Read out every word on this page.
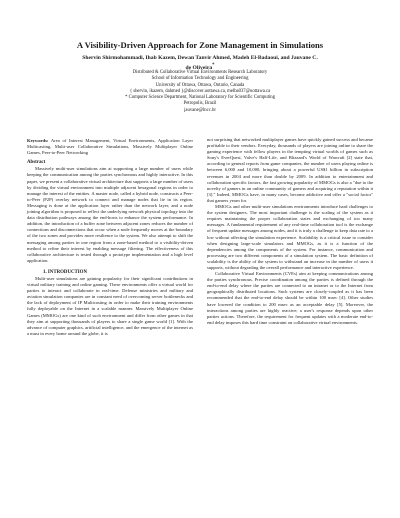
A Visibility-Driven Approach for Zone Management in Simulations
Shervin Shirmohammadi, Ihab Kazem, Dewan Tanvir Ahmed, Madeh El-Badaoui, and Jauvane C.
de Oliveira*
Distributed & Collaborative Virtual Environments Research Laboratory
School of Information Technology and Engineering
University of Ottawa, Ottawa, Ontario, Canada
{ shervin, ikazem, dahmed }@discover.uottawa.ca, melba037@uottawa.ca
* Computer Science Department, National Laboratory for Scientific Computing
Petropolis, Brazil
jauvane@lncc.br

Keywords: Area of Interest Management, Virtual Environments, Application Layer Multicasting, Multi-user Collaborative Simulations, Massively Multiplayer Online Games, Peer-to-Peer Networking

Abstract

Massively multi-user simulations aim at supporting a large number of users while keeping the communication among the parties synchronous and highly interactive. In this paper, we present a collaborative virtual architecture that supports a large number of users by dividing the virtual environment into multiple adjacent hexagonal regions in order to manage the interest of the entities. A master node, called a hybrid node, constructs a Peer-to-Peer (P2P) overlay network to connect and manage nodes that lie in its region. Messaging is done at the application layer rather than the network layer, and a node joining algorithm is proposed to reflect the underlying network physical topology into the data distribution pathways among the end-hosts to enhance the system performance. In addition, the introduction of a buffer zone between adjacent zones reduces the number of connections and disconnections that occur when a node frequently moves at the boundary of the two zones and provides more resilience to the system. We also attempt to shift the messaging among parties in one region from a zone-based method to a visibility-driven method to refine their interest by enabling message filtering. The effectiveness of this collaborative architecture is tested through a prototype implementation and a high level application.

1. INTRODUCTION

Multi-user simulations are gaining popularity for their significant contributions in virtual military training and online gaming. These environments offer a virtual world for parties to interact and collaborate in real-time. Defense ministries and military and aviation simulation companies are in constant need of overcoming server bottlenecks and the lack of deployment of IP Multicasting in order to make their training environments fully deployable on the Internet in a scalable manner. Massively Multiplayer Online Games (MMOGs) are one kind of such environment and differ from other games in that they aim at supporting thousands of players to share a single game world [1]. With the advance of computer graphics, artificial intelligence, and the emergence of the internet as a must in every home around the globe, it is

not surprising that networked multiplayer games have quickly gained success and became profitable to their vendors. Everyday, thousands of players are joining online to share the gaming experience with fellow players in the tempting virtual worlds of games such as Sony's EverQuest, Valve's Half-Life, and Blizzard's World of Warcraft [2] state that, according to general reports from game companies, the number of users playing online is between 6,000 and 10,000, bringing about a powerful US$1 billion in subscription revenues in 2004 and more than double by 2009. In addition to entertainment and collaboration specific factors, the fast growing popularity of MMOGs is also a "due to the novelty of gamers in an online community of gamers and acquiring a reputation within it [3]." Indeed, MMOGs have, in many cases, become addictive and offer a "social factor" that gamers yearn for.

MMOGs and other multi-user simulations environments introduce hard challenges to the system designers. The most important challenge is the scaling of the system as it requires maintaining the proper collaboration states and exchanging of too many messages. A fundamental requirement of any real-time collaboration tool is the exchange of frequent update messages among nodes, and it is truly a challenge to keep data rate to a low without affecting the simulation experience. Scalability is a critical issue to consider when designing large-scale simulators and MMOGs, as it is a function of the dependencies among the components of the system. For instance, communication and processing are two different components of a simulation system. The basic definition of scalability is the ability of the system to withstand an increase in the number of users it supports, without degrading the overall performance and interactive experience.

Collaborative Virtual Environments (CVEs) aim at keeping communications among the parties synchronous. Precise coordination among the parties is defined through the end-to-end delay where the parties are connected to an intranet or to the Internet from geographically distributed locations. Such systems are closely-coupled as it has been recommended that the end-to-end delay should be within 100 msec [4]. Other studies have lowered the condition to 200 msec as an acceptable delay [5]. Moreover, the interactions among parties are highly reactive; a user's response depends upon other parties actions. Therefore, the requirement for frequent updates with a moderate end-to-end delay imposes this hard time constraint on collaborative virtual environments.
